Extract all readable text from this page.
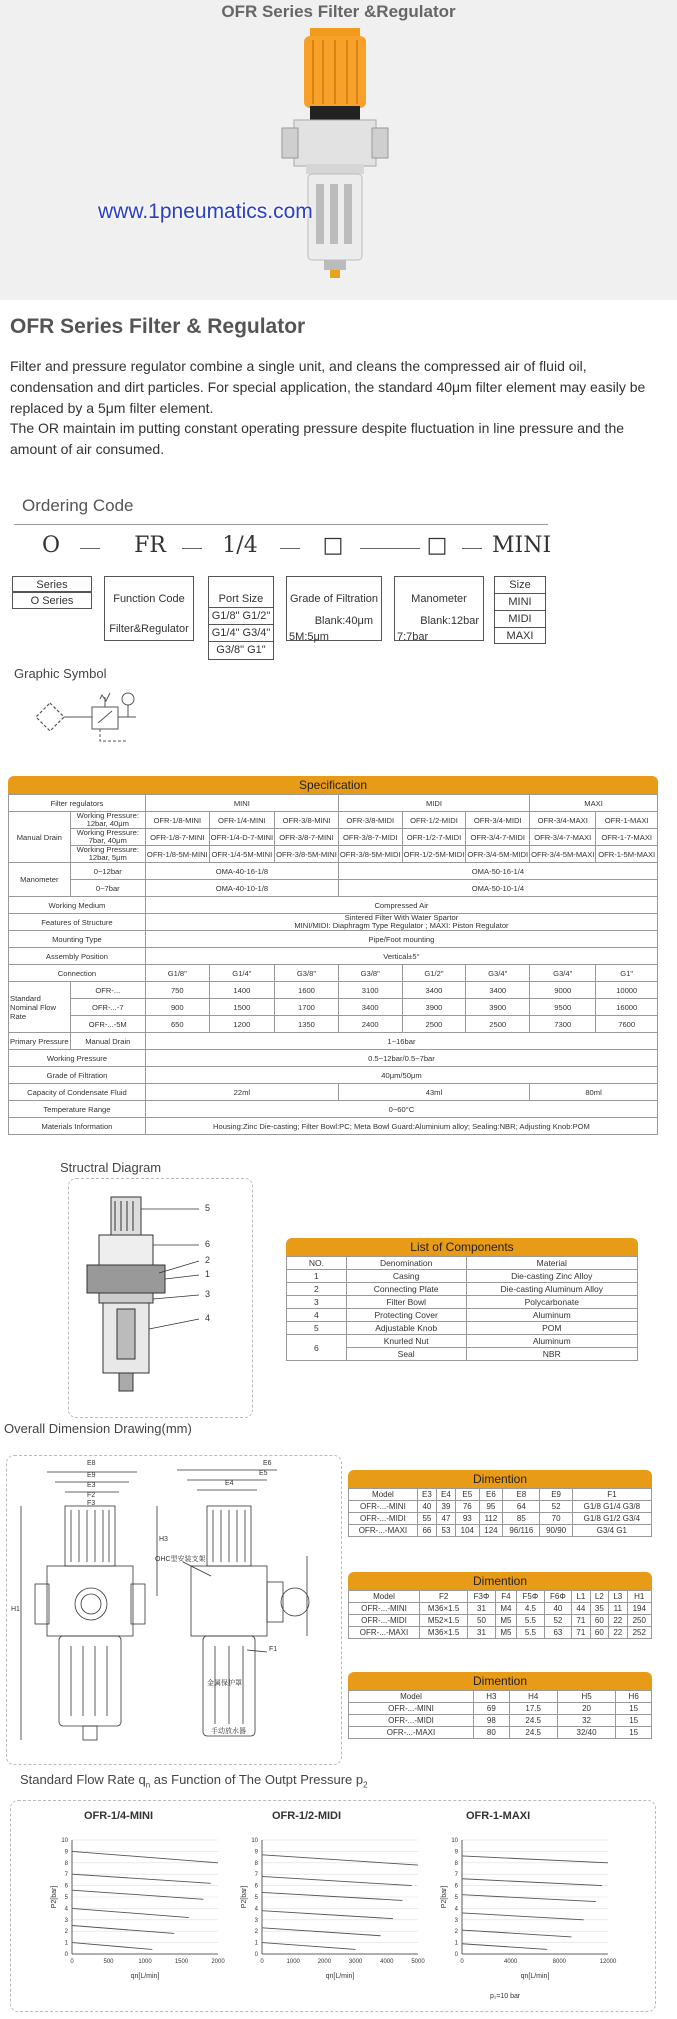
OFR Series Filter &Regulator
www.1pneumatics.com
OFR Series Filter & Regulator
Filter and pressure regulator combine a single unit, and cleans the compressed air of fluid oil, condensation and dirt particles. For special application, the standard 40μm filter element may easily be replaced by a 5μm filter element.
The OR maintain im putting constant operating pressure despite fluctuation in line pressure and the amount of air consumed.
Ordering Code
O	FR	1/4	□	□ MINI
Series
O Series	Function Code
Filter&Regulator
Port Size
G1/8" G1/2"
G1/4" G3/4"
G3/8" G1"
Grade of Filtration
Blank:40μm
5M:5μm
Manometer
Blank:12bar
7:7bar
Size
MINI
MIDI
MAXI
Graphic Symbol
Specification
Filter regulators		MINI			MIDI			MAXI	
Manual Drain	Working Pressure: 12bar, 40μm	OFR-1/8-MINI	OFR-1/4-MINI	OFR-3/8-MINI	OFR-3/8-MIDI	OFR-1/2-MIDI	OFR-3/4-MIDI	OFR-3/4-MAXI	OFR-1-MAXI
	Working Pressure: 7bar, 40μm	OFR-1/8-7-MINI	OFR-1/4-D-7-MINI	OFR-3/8-7-MINI	OFR-3/8-7-MIDI	OFR-1/2-7-MIDI	OFR-3/4-7-MIDI	OFR-3/4-7-MAXI	OFR-1-7-MAXI
	Working Pressure: 12bar, 5μm	OFR-1/8-5M-MINI	OFR-1/4-5M-MINI	OFR-3/8-5M-MINI	OFR-3/8-5M-MIDI	OFR-1/2-5M-MIDI	OFR-3/4-5M-MIDI	OFR-3/4-5M-MAXI	OFR-1-5M-MAXI
Manometer	0~12bar	OMA-40-16-1/8			OMA-50-16-1/4				
	0~7bar	OMA-40-10-1/8			OMA-50-10-1/4				
Working Medium		Compressed Air							
Features of Structure		Sintered Filter With Water Spartor
MINI/MIDI: Diaphragm Type Regulator ; MAXI: Piston Regulator							

Mounting Type		Pipe/Foot mounting							
Assembly Position		Vertical±5°							
Connection		G1/8"	G1/4"	G3/8"	G3/8"	G1/2"	G3/4"	G3/4"	G1"
Standard Nominal Flow Rate	OFR-...	750	1400	1600	3100	3400	3400	9000	10000
	OFR-...-7	900	1500	1700	3400	3900	3900	9500	16000
	OFR-...-5M	650	1200	1350	2400	2500	2500	7300	7600
Primary Pressure	Manual Drain	1~16bar							
Working Pressure		0.5~12bar/0.5~7bar							
Grade of Filtration		40μm/50μm							
Capacity of Condensate Fluid		22ml			43ml			80ml	
Temperature Range		0~60°C							
Materials Information		Housing:Zinc Die-casting; Filter Bowl:PC; Meta Bowl Guard:Aluminium alloy; Sealing:NBR; Adjusting Knob:POM							
Structral Diagram
5
6
2
1
3
4
List of Components
NO.	Denomination	Material
1	Casing	Die-casting Zinc Alloy
2	Connecting Plate	Die-casting Aluminum Alloy
3	Filter Bowl	Polycarbonate
4	Protecting Cover	Aluminum
5	Adjustable Knob	POM
6	Knurled Nut	Aluminum
	Seal	NBR
Overall Dimension Drawing(mm)
E8
E9
E3
F2
F3
E6
E5
E4
H3
H1
F1
OHC型安装支架
金属保护罩
手动放水器
Dimention
Model	E3	E4	E5	E6	E8	E9	F1
OFR-...-MINI	40	39	76	95	64	52	G1/8 G1/4 G3/8
OFR-...-MIDI	55	47	93	112	85	70	G1/8 G1/2 G3/4
OFR-...-MAXI	66	53	104	124	96/116	90/90	G3/4 G1
Dimention
Model	F2	F3Φ	F4	F5Φ	F6Φ	L1	L2	L3	H1
OFR-...-MINI	M36×1.5	31	M4	4.5	40	44	35	11	194
OFR-...-MIDI	M52×1.5	50	M5	5.5	52	71	60	22	250
OFR-...-MAXI	M36×1.5	31	M5	5.5	63	71	60	22	252
Dimention
Model	H3	H4	H5	H6
OFR-...-MINI	69	17.5	20	15
OFR-...-MIDI	98	24.5	32	15
OFR-...-MAXI	80	24.5	32/40	15
Standard Flow Rate $q_n$ as Function of The Outpt Pressure $p_2$
OFR-1/4-MINI	OFR-1/2-MIDI	OFR-1-MAXI
0
1
2
3
4
5
6
7
8
9
10
0	500	1000	1500	2000
qn[L/min]
P2[bar]
0
1
2
3
4
5
6
7
8
9
10
0	1000	2000	3000	4000	5000
qn[L/min]
P2[bar]
0
1
2
3
4
5
6
7
8
9
10
0	4000	8000	12000
qn[L/min]
P2[bar]
p₁=10 bar
